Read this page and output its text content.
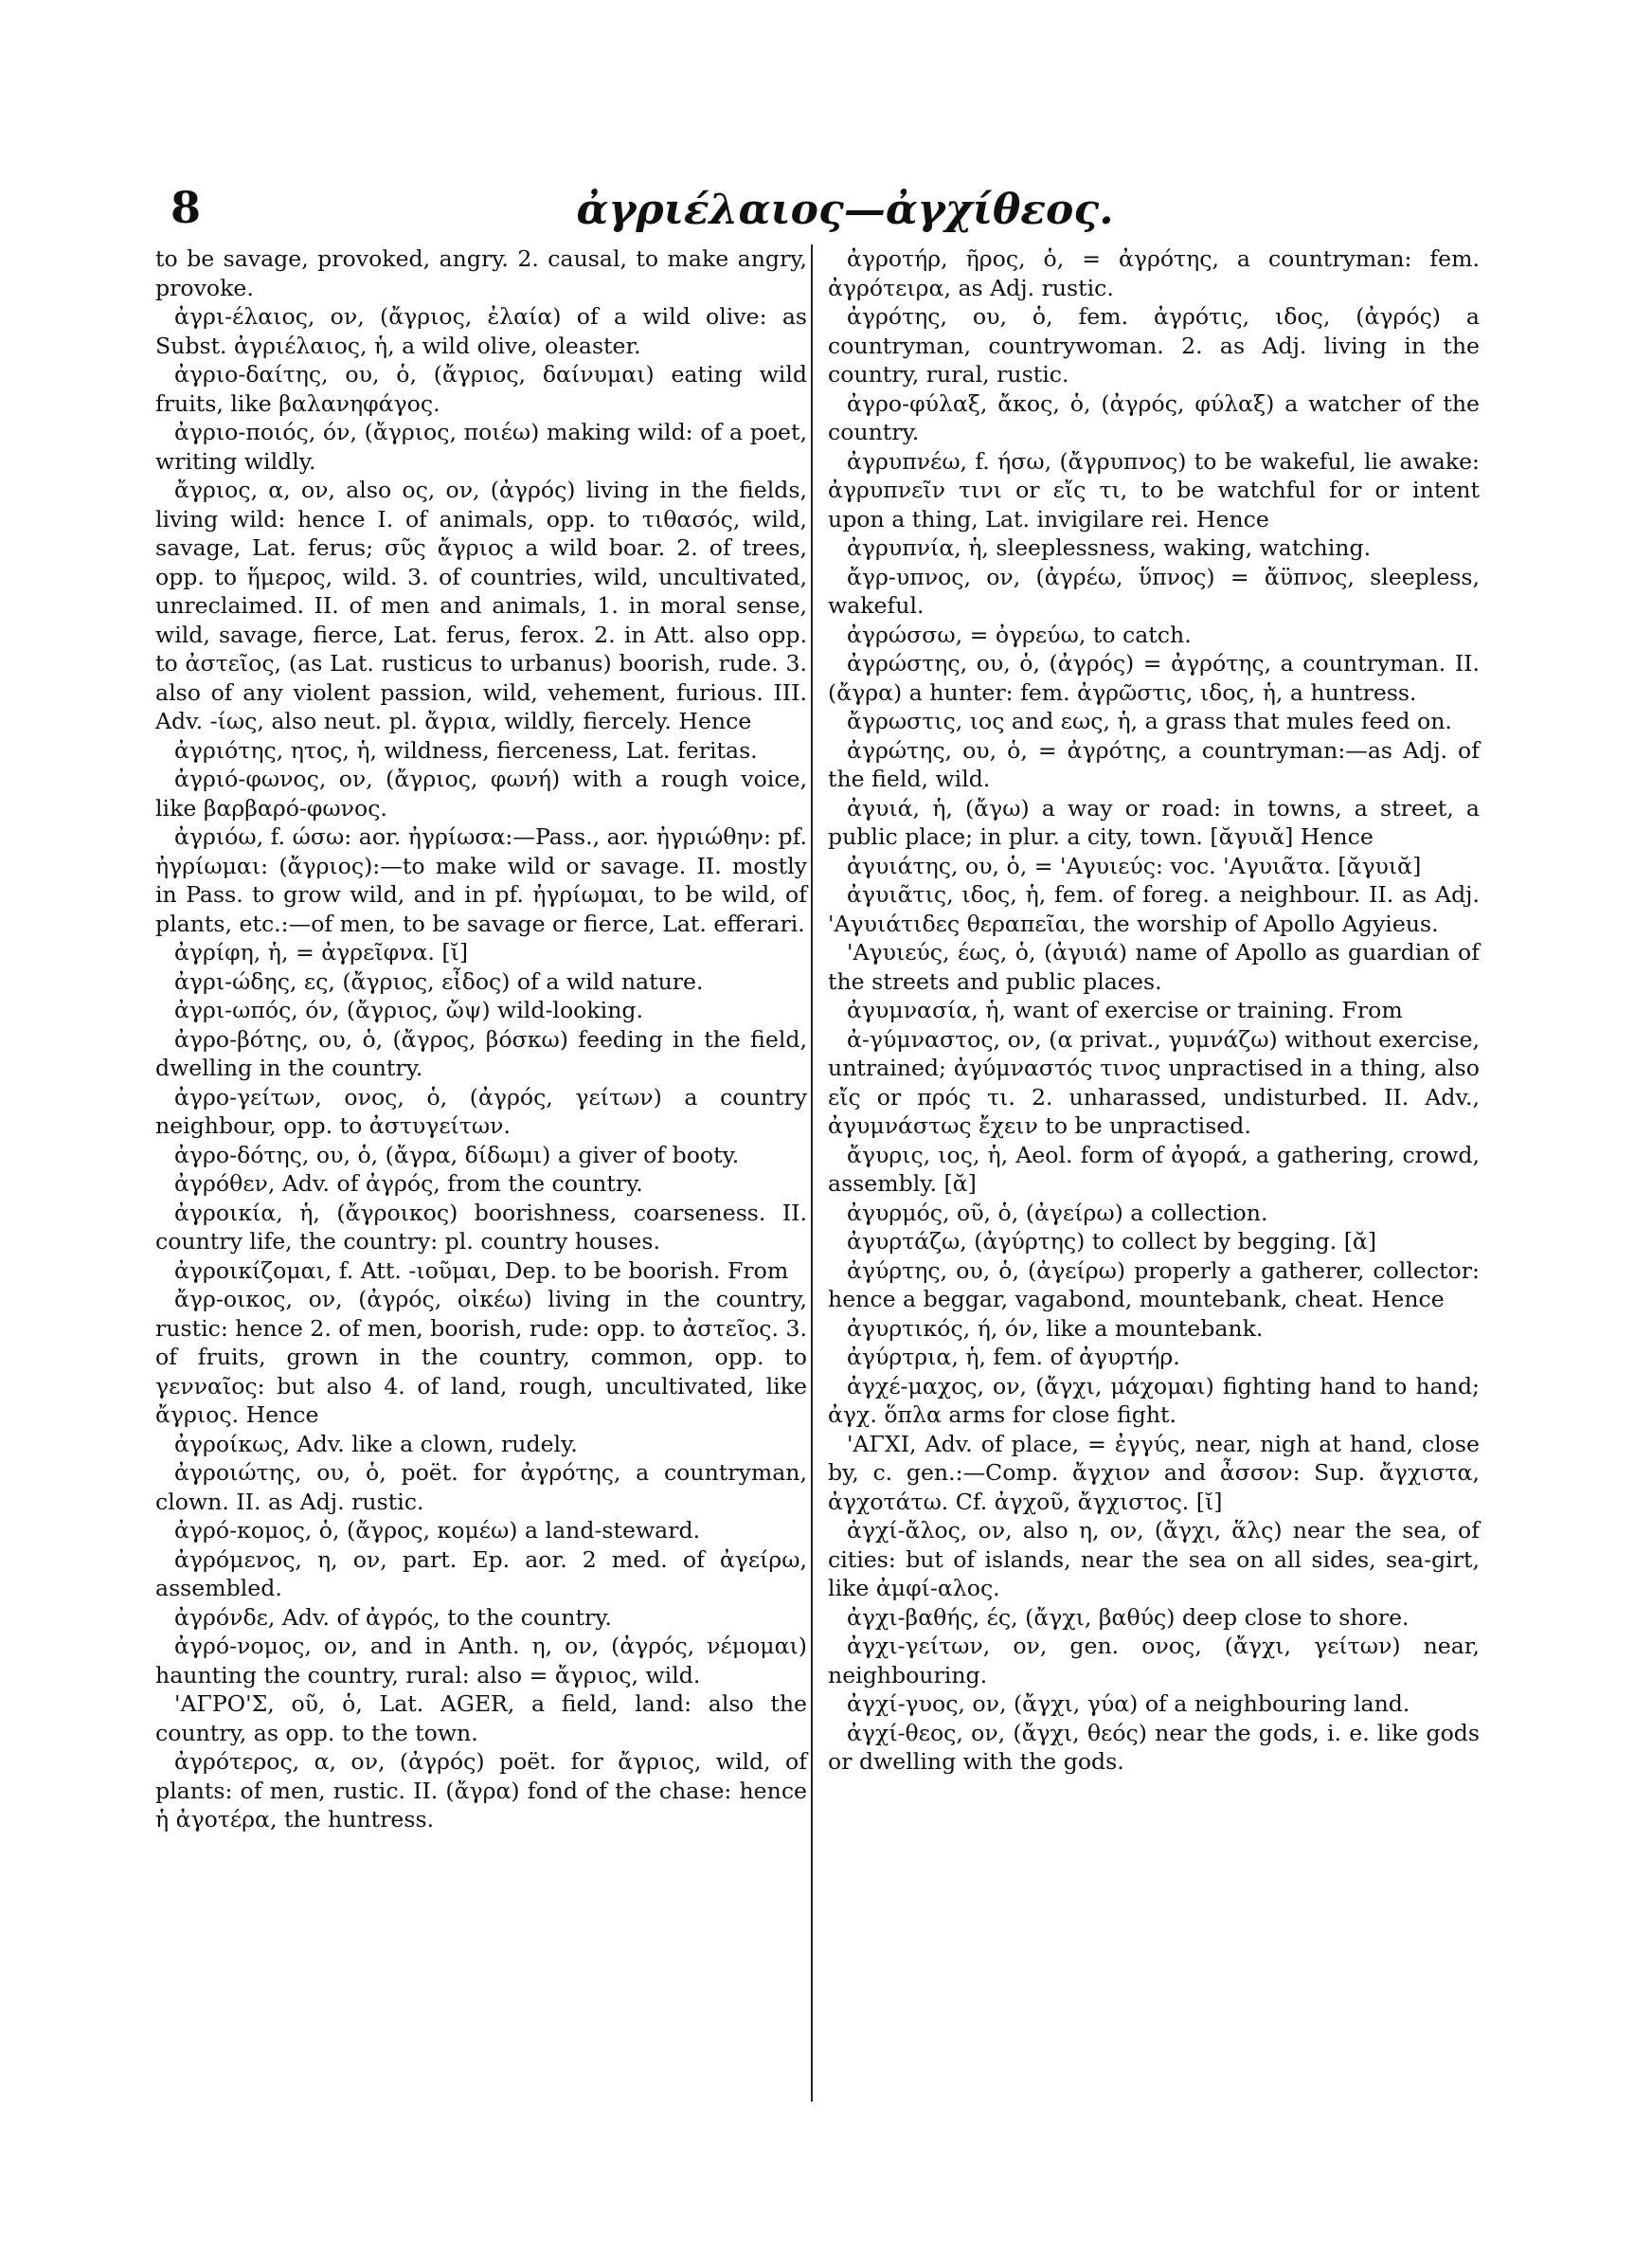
8	ἀγριέλαιος—ἀγχίθεος.

to be savage, provoked, angry. 2. causal, to make angry, provoke.

ἀγρι-έλαιος, ον, (ἄγριος, ἐλαία) of a wild olive: as Subst. ἀγριέλαιος, ἡ, a wild olive, oleaster.

ἀγριο-δαίτης, ου, ὁ, (ἄγριος, δαίνυμαι) eating wild fruits, like βαλανηφάγος.

ἀγριο-ποιός, όν, (ἄγριος, ποιέω) making wild: of a poet, writing wildly.

ἄγριος, α, ον, also ος, ον, (ἀγρός) living in the fields, living wild: hence I. of animals, opp. to τιθασός, wild, savage, Lat. ferus; σῦς ἄγριος a wild boar. 2. of trees, opp. to ἥμερος, wild. 3. of countries, wild, uncultivated, unreclaimed. II. of men and animals, 1. in moral sense, wild, savage, fierce, Lat. ferus, ferox. 2. in Att. also opp. to ἀστεῖος, (as Lat. rusticus to urbanus) boorish, rude. 3. also of any violent passion, wild, vehement, furious. III. Adv. -ίως, also neut. pl. ἄγρια, wildly, fiercely. Hence

ἀγριότης, ητος, ἡ, wildness, fierceness, Lat. feritas.

ἀγριό-φωνος, ον, (ἄγριος, φωνή) with a rough voice, like βαρβαρό-φωνος.

ἀγριόω, f. ώσω: aor. ἠγρίωσα:—Pass., aor. ἠγριώθην: pf. ἠγρίωμαι: (ἄγριος):—to make wild or savage. II. mostly in Pass. to grow wild, and in pf. ἠγρίωμαι, to be wild, of plants, etc.:—of men, to be savage or fierce, Lat. efferari.

ἀγρίφη, ἡ, = ἀγρεῖφνα. [ῐ]

ἀγρι-ώδης, ες, (ἄγριος, εἶδος) of a wild nature.

ἀγρι-ωπός, όν, (ἄγριος, ὤψ) wild-looking.

ἀγρο-βότης, ου, ὁ, (ἄγρος, βόσκω) feeding in the field, dwelling in the country.

ἀγρο-γείτων, ονος, ὁ, (ἀγρός, γείτων) a country neighbour, opp. to ἀστυγείτων.

ἀγρο-δότης, ου, ὁ, (ἄγρα, δίδωμι) a giver of booty.

ἀγρόθεν, Adv. of ἀγρός, from the country.

ἀγροικία, ἡ, (ἄγροικος) boorishness, coarseness. II. country life, the country: pl. country houses.

ἀγροικίζομαι, f. Att. -ιοῦμαι, Dep. to be boorish. From

ἄγρ-οικος, ον, (ἀγρός, οἰκέω) living in the country, rustic: hence 2. of men, boorish, rude: opp. to ἀστεῖος. 3. of fruits, grown in the country, common, opp. to γενναῖος: but also 4. of land, rough, uncultivated, like ἄγριος. Hence

ἀγροίκως, Adv. like a clown, rudely.

ἀγροιώτης, ου, ὁ, poët. for ἀγρότης, a countryman, clown. II. as Adj. rustic.

ἀγρό-κομος, ὁ, (ἄγρος, κομέω) a land-steward.

ἀγρόμενος, η, ον, part. Ep. aor. 2 med. of ἀγείρω, assembled.

ἀγρόνδε, Adv. of ἀγρός, to the country.

ἀγρό-νομος, ον, and in Anth. η, ον, (ἀγρός, νέμομαι) haunting the country, rural: also = ἄγριος, wild.

'ΑΓΡΟ'Σ, οῦ, ὁ, Lat. AGER, a field, land: also the country, as opp. to the town.

ἀγρότερος, α, ον, (ἀγρός) poët. for ἄγριος, wild, of plants: of men, rustic. II. (ἄγρα) fond of the chase: hence ἡ ἀγοτέρα, the huntress.

ἀγροτήρ, ῆρος, ὁ, = ἀγρότης, a countryman: fem. ἀγρότειρα, as Adj. rustic.

ἀγρότης, ου, ὁ, fem. ἀγρότις, ιδος, (ἀγρός) a countryman, countrywoman. 2. as Adj. living in the country, rural, rustic.

ἀγρο-φύλαξ, ἄκος, ὁ, (ἀγρός, φύλαξ) a watcher of the country.

ἀγρυπνέω, f. ήσω, (ἄγρυπνος) to be wakeful, lie awake: ἀγρυπνεῖν τινι or εἴς τι, to be watchful for or intent upon a thing, Lat. invigilare rei. Hence

ἀγρυπνία, ἡ, sleeplessness, waking, watching.

ἄγρ-υπνος, ον, (ἀγρέω, ὕπνος) = ἄϋπνος, sleepless, wakeful.

ἀγρώσσω, = ὀγρεύω, to catch.

ἀγρώστης, ου, ὁ, (ἀγρός) = ἀγρότης, a countryman. II. (ἄγρα) a hunter: fem. ἀγρῶστις, ιδος, ἡ, a huntress.

ἄγρωστις, ιος and εως, ἡ, a grass that mules feed on.

ἀγρώτης, ου, ὁ, = ἀγρότης, a countryman:—as Adj. of the field, wild.

ἀγυιά, ἡ, (ἄγω) a way or road: in towns, a street, a public place; in plur. a city, town. [ᾰγυιᾰ] Hence

ἀγυιάτης, ου, ὁ, = 'Αγυιεύς: voc. 'Αγυιᾶτα. [ᾰγυιᾰ]

ἀγυιᾶτις, ιδος, ἡ, fem. of foreg. a neighbour. II. as Adj. 'Αγυιάτιδες θεραπεῖαι, the worship of Apollo Agyieus.

'Αγυιεύς, έως, ὁ, (ἀγυιά) name of Apollo as guardian of the streets and public places.

ἀγυμνασία, ἡ, want of exercise or training. From

ἀ-γύμναστος, ον, (α privat., γυμνάζω) without exercise, untrained; ἀγύμναστός τινος unpractised in a thing, also εἴς or πρός τι. 2. unharassed, undisturbed. II. Adv., ἀγυμνάστως ἔχειν to be unpractised.

ἄγυρις, ιος, ἡ, Aeol. form of ἀγορά, a gathering, crowd, assembly. [ᾰ]

ἀγυρμός, οῦ, ὁ, (ἀγείρω) a collection.

ἀγυρτάζω, (ἀγύρτης) to collect by begging. [ᾰ]

ἀγύρτης, ου, ὁ, (ἀγείρω) properly a gatherer, collector: hence a beggar, vagabond, mountebank, cheat. Hence

ἀγυρτικός, ή, όν, like a mountebank.

ἀγύρτρια, ἡ, fem. of ἀγυρτήρ.

ἀγχέ-μαχος, ον, (ἄγχι, μάχομαι) fighting hand to hand; ἀγχ. ὅπλα arms for close fight.

'ΑΓΧΙ, Adv. of place, = ἐγγύς, near, nigh at hand, close by, c. gen.:—Comp. ἄγχιον and ἆσσον: Sup. ἄγχιστα, ἀγχοτάτω. Cf. ἀγχοῦ, ἄγχιστος. [ῐ]

ἀγχί-ἄλος, ον, also η, ον, (ἄγχι, ἅλς) near the sea, of cities: but of islands, near the sea on all sides, sea-girt, like ἀμφί-αλος.

ἀγχι-βαθής, ές, (ἄγχι, βαθύς) deep close to shore.

ἀγχι-γείτων, ον, gen. ονος, (ἄγχι, γείτων) near, neighbouring.

ἀγχί-γυος, ον, (ἄγχι, γύα) of a neighbouring land.

ἀγχί-θεος, ον, (ἄγχι, θεός) near the gods, i. e. like gods or dwelling with the gods.
